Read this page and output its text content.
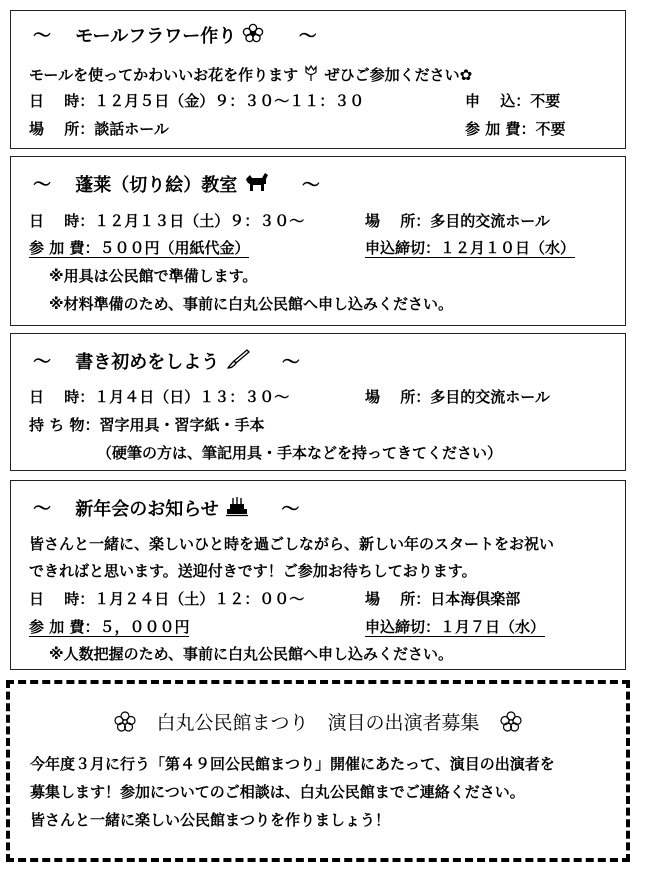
～ モールフラワー作り	～
モールを使ってかわいいお花を作ります ぜひご参加ください✿
日　 時：１２月５日（金）９：３０～１１：３０	申　 込：不要
場　 所：談話ホール	参 加 費：不要
～ 蓬莱（切り絵）教室	～
日　 時：１２月１３日（土）９：３０～	場　 所：多目的交流ホール
参 加 費：５００円（用紙代金）	申込締切：１２月１０日（水）
※用具は公民館で準備します。
※材料準備のため、事前に白丸公民館へ申し込みください。
～ 書き初めをしよう	～
日　 時：１月４日（日）１３：３０～	場　 所：多目的交流ホール
持 ち 物：習字用具・習字紙・手本
（硬筆の方は、筆記用具・手本などを持ってきてください）
～ 新年会のお知らせ	～
皆さんと一緒に、楽しいひと時を過ごしながら、新しい年のスタートをお祝い
できればと思います。送迎付きです！ご参加お待ちしております。
日　 時：１月２４日（土）１２：００～	場　 所：日本海倶楽部
参 加 費：５，０００円	申込締切：１月７日（水）
※人数把握のため、事前に白丸公民館へ申し込みください。
白丸公民館まつり　演目の出演者募集
今年度３月に行う「第４９回公民館まつり」開催にあたって、演目の出演者を
募集します！参加についてのご相談は、白丸公民館までご連絡ください。
皆さんと一緒に楽しい公民館まつりを作りましょう！
